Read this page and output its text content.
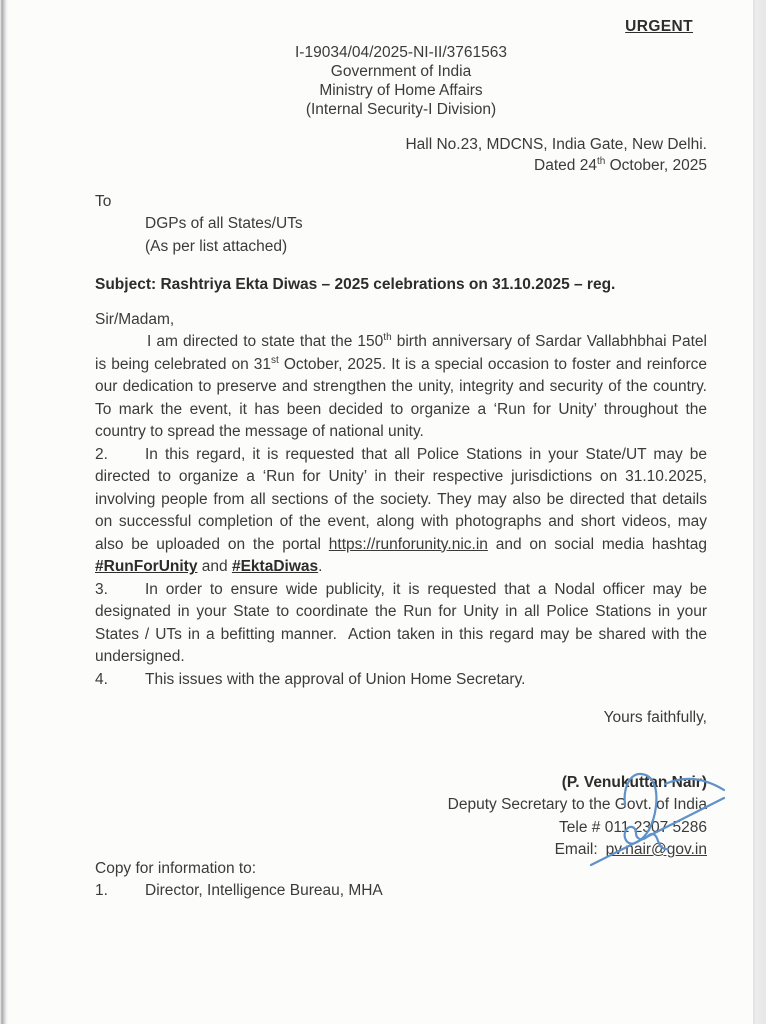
URGENT
I-19034/04/2025-NI-II/3761563
Government of India
Ministry of Home Affairs
(Internal Security-I Division)
Hall No.23, MDCNS, India Gate, New Delhi.
Dated 24th October, 2025
To
DGPs of all States/UTs
(As per list attached)
Subject: Rashtriya Ekta Diwas – 2025 celebrations on 31.10.2025 – reg.
Sir/Madam,

I am directed to state that the 150th birth anniversary of Sardar Vallabhbhai Patel is being celebrated on 31st October, 2025. It is a special occasion to foster and reinforce our dedication to preserve and strengthen the unity, integrity and security of the country. To mark the event, it has been decided to organize a ‘Run for Unity’ throughout the country to spread the message of national unity.

2. In this regard, it is requested that all Police Stations in your State/UT may be directed to organize a ‘Run for Unity’ in their respective jurisdictions on 31.10.2025, involving people from all sections of the society. They may also be directed that details on successful completion of the event, along with photographs and short videos, may also be uploaded on the portal https://runforunity.nic.in and on social media hashtag #RunForUnity and #EktaDiwas.

3. In order to ensure wide publicity, it is requested that a Nodal officer may be designated in your State to coordinate the Run for Unity in all Police Stations in your States / UTs in a befitting manner.  Action taken in this regard may be shared with the undersigned.

4. This issues with the approval of Union Home Secretary.

Yours faithfully,
(P. Venukuttan Nair)
Deputy Secretary to the Govt. of India
Tele # 011 2307 5286
Email: pv.nair@gov.in
Copy for information to:

1. Director, Intelligence Bureau, MHA
